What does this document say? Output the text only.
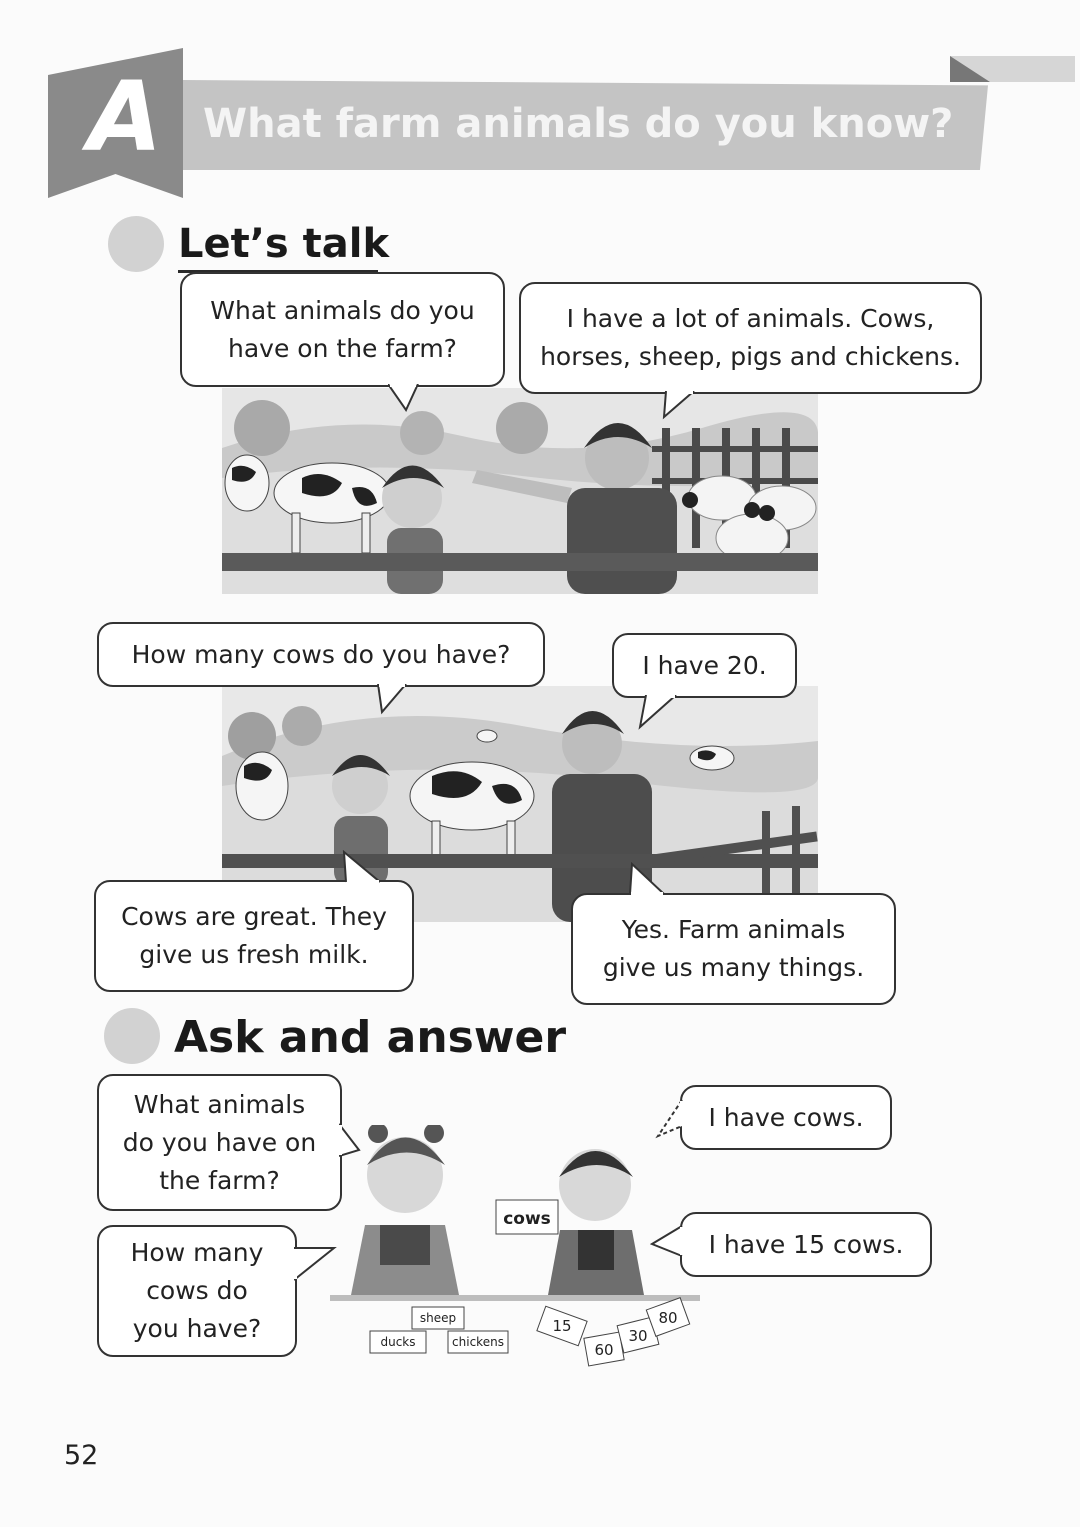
A What farm animals do you know?
Let’s talk
What animals do you
have on the farm?
I have a lot of animals. Cows,
horses, sheep, pigs and chickens.
How many cows do you have?	I have 20.
Cows are great. They
give us fresh milk.
Yes. Farm animals
give us many things.
Ask and answer
cows
sheep
ducks	chickens
15
60
30
80
What animals
do you have on
the farm?
How many
cows do
you have?
I have cows.
I have 15 cows.
52
